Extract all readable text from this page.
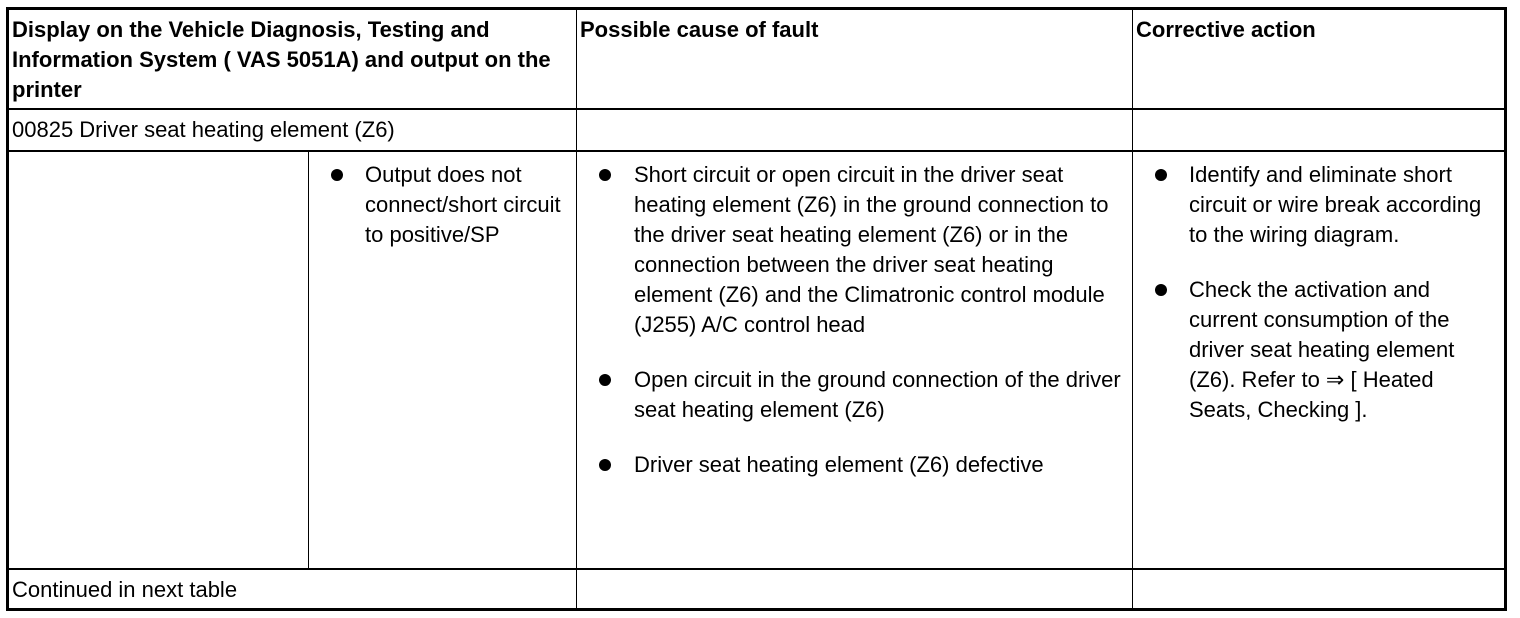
Display on the Vehicle Diagnosis, Testing and Information System ( VAS 5051A) and output on the printer
Possible cause of fault	Corrective action
00825 Driver seat heating element (Z6)
Output does not connect/short circuit to positive/SP
Short circuit or open circuit in the driver seat heating element (Z6) in the ground connection to the driver seat heating element (Z6) or in the connection between the driver seat heating element (Z6) and the Climatronic control module (J255) A/C control head
Open circuit in the ground connection of the driver seat heating element (Z6)
Driver seat heating element (Z6) defective
Identify and eliminate short circuit or wire break according to the wiring diagram.
Check the activation and current consumption of the driver seat heating element (Z6). Refer to ⇒ [ Heated Seats, Checking ].
Continued in next table
